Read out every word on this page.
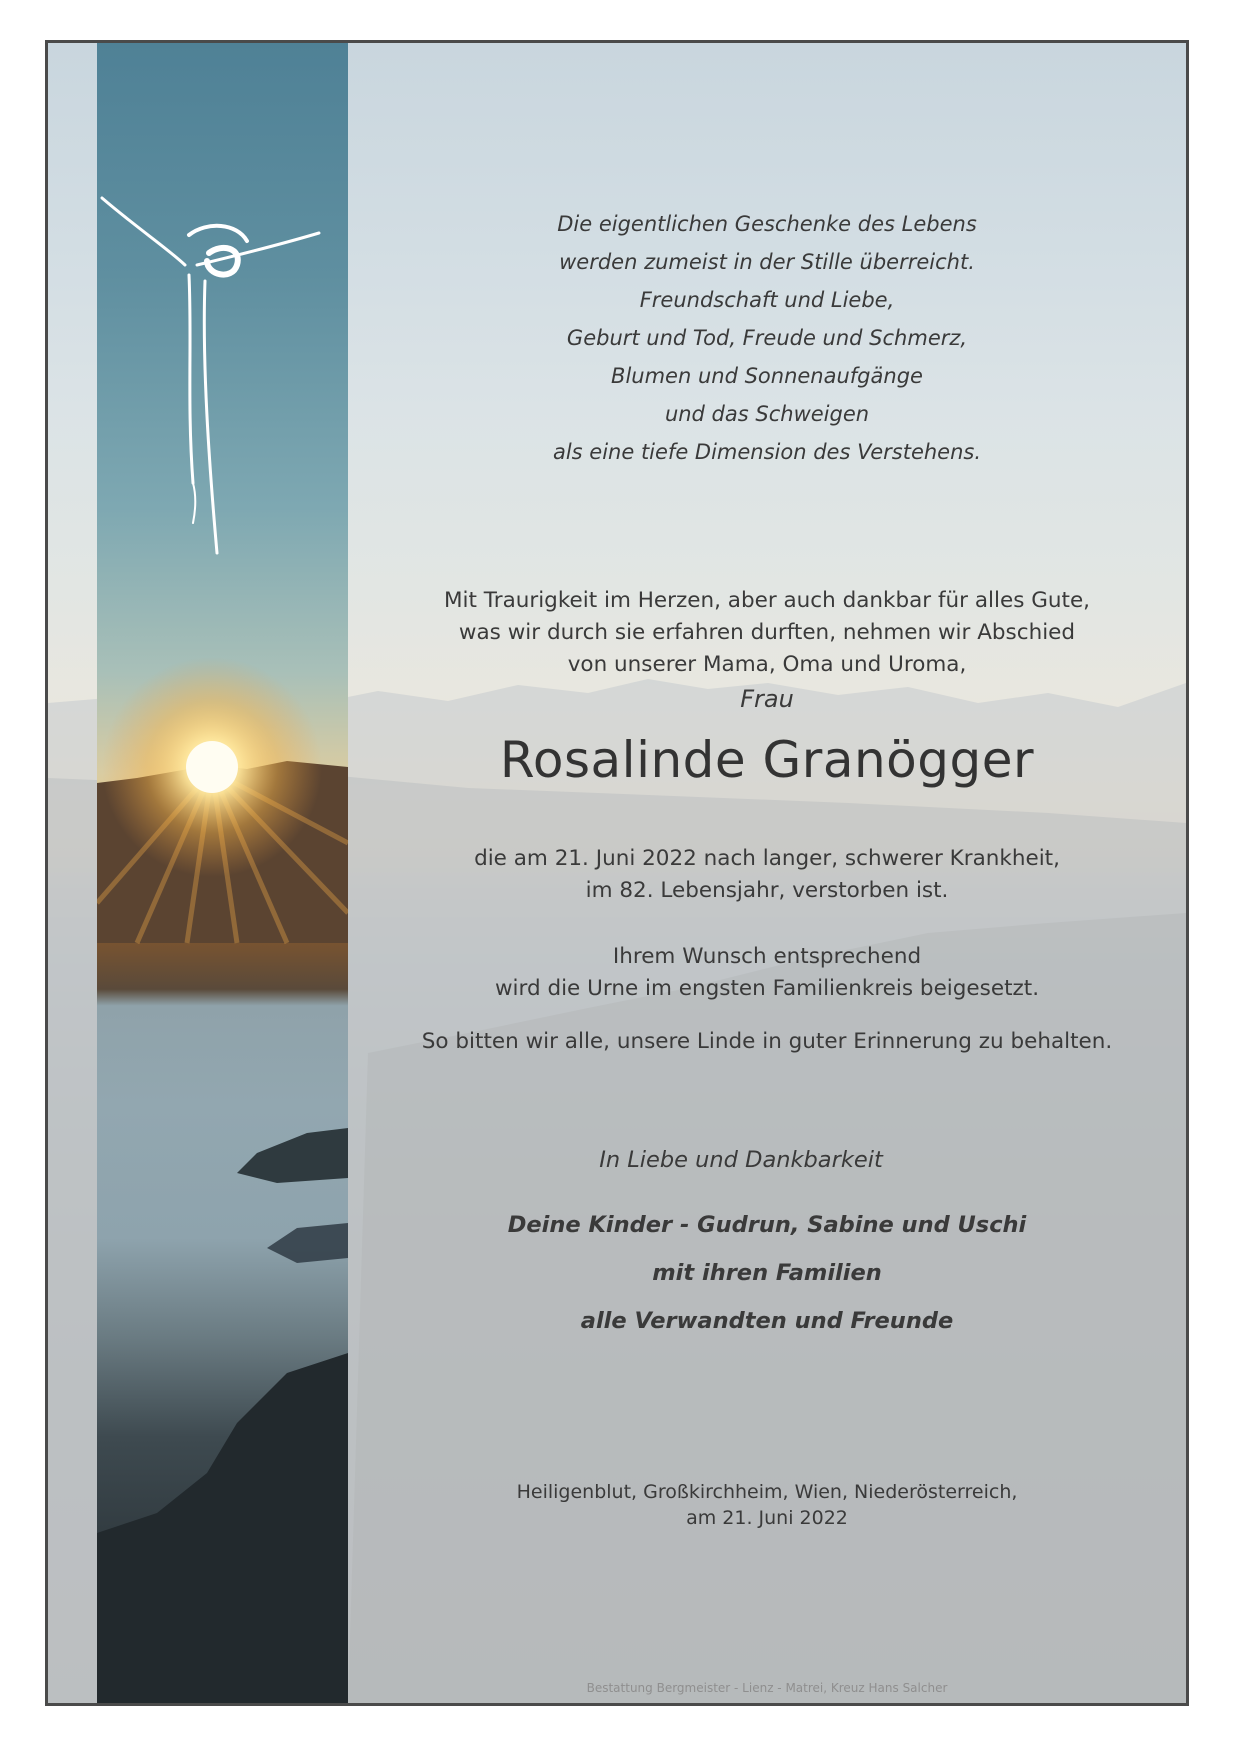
Die eigentlichen Geschenke des Lebens
werden zumeist in der Stille überreicht.
Freundschaft und Liebe,
Geburt und Tod, Freude und Schmerz,
Blumen und Sonnenaufgänge
und das Schweigen
als eine tiefe Dimension des Verstehens.
Mit Traurigkeit im Herzen, aber auch dankbar für alles Gute,
was wir durch sie erfahren durften, nehmen wir Abschied
von unserer Mama, Oma und Uroma,
Frau
Rosalinde Granögger
die am 21. Juni 2022 nach langer, schwerer Krankheit,
im 82. Lebensjahr, verstorben ist.
Ihrem Wunsch entsprechend
wird die Urne im engsten Familienkreis beigesetzt.
So bitten wir alle, unsere Linde in guter Erinnerung zu behalten.
In Liebe und Dankbarkeit
Deine Kinder - Gudrun, Sabine und Uschi
mit ihren Familien
alle Verwandten und Freunde
Heiligenblut, Großkirchheim, Wien, Niederösterreich,
am 21. Juni 2022
Bestattung Bergmeister - Lienz - Matrei, Kreuz Hans Salcher
